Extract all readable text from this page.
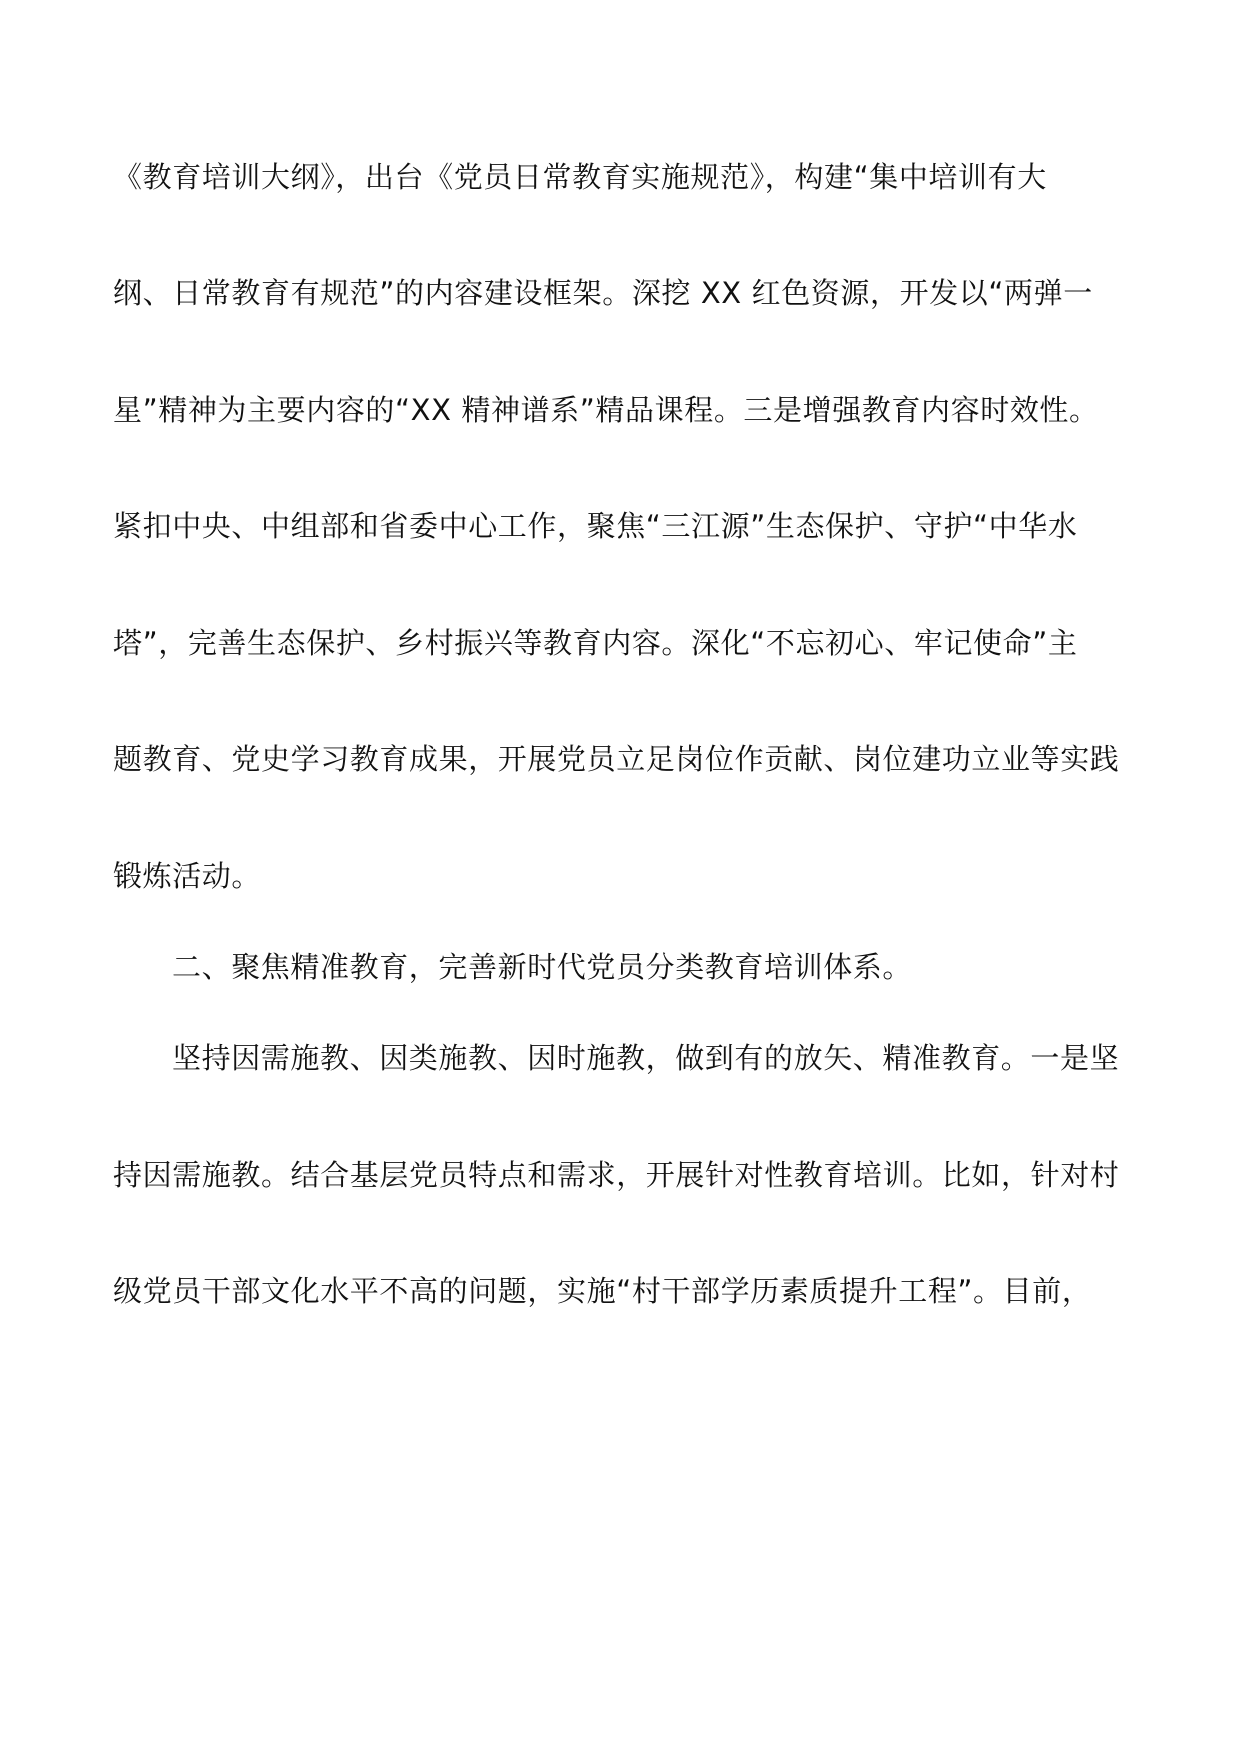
《教育培训大纲》，出台《党员日常教育实施规范》，构建“集中培训有大
纲、日常教育有规范”的内容建设框架。深挖 XX 红色资源，开发以“两弹一
星”精神为主要内容的“XX 精神谱系”精品课程。三是增强教育内容时效性。
紧扣中央、中组部和省委中心工作，聚焦“三江源”生态保护、守护“中华水
塔”，完善生态保护、乡村振兴等教育内容。深化“不忘初心、牢记使命”主
题教育、党史学习教育成果，开展党员立足岗位作贡献、岗位建功立业等实践
锻炼活动。
二、聚焦精准教育，完善新时代党员分类教育培训体系。
坚持因需施教、因类施教、因时施教，做到有的放矢、精准教育。一是坚
持因需施教。结合基层党员特点和需求，开展针对性教育培训。比如，针对村
级党员干部文化水平不高的问题，实施“村干部学历素质提升工程”。目前，
